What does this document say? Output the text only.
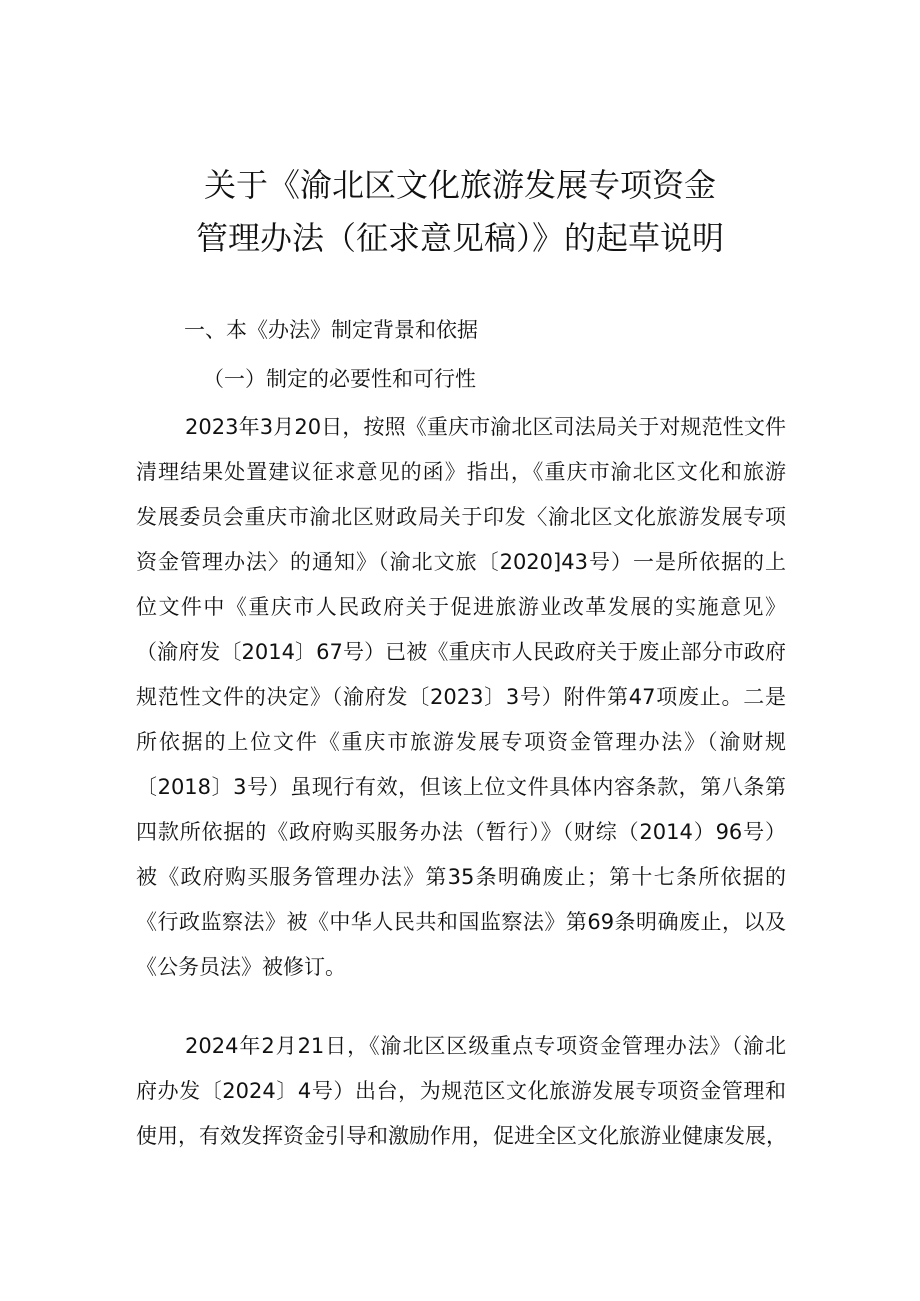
关于《渝北区文化旅游发展专项资金
管理办法（征求意见稿）》的起草说明
一、本《办法》制定背景和依据
（一）制定的必要性和可行性
2023年3月20日，按照《重庆市渝北区司法局关于对规范性文件
清理结果处置建议征求意见的函》指出，《重庆市渝北区文化和旅游
发展委员会重庆市渝北区财政局关于印发〈渝北区文化旅游发展专项
资金管理办法〉的通知》（渝北文旅〔2020]43号）一是所依据的上
位文件中《重庆市人民政府关于促进旅游业改革发展的实施意见》
（渝府发〔2014〕67号）已被《重庆市人民政府关于废止部分市政府
规范性文件的决定》（渝府发〔2023〕3号）附件第47项废止。二是
所依据的上位文件《重庆市旅游发展专项资金管理办法》（渝财规
〔2018〕3号）虽现行有效，但该上位文件具体内容条款，第八条第
四款所依据的《政府购买服务办法（暂行）》（财综（2014）96号）
被《政府购买服务管理办法》第35条明确废止；第十七条所依据的
《行政监察法》被《中华人民共和国监察法》第69条明确废止，以及
《公务员法》被修订。
2024年2月21日，《渝北区区级重点专项资金管理办法》（渝北
府办发〔2024〕4号）出台，为规范区文化旅游发展专项资金管理和
使用，有效发挥资金引导和激励作用，促进全区文化旅游业健康发展，
